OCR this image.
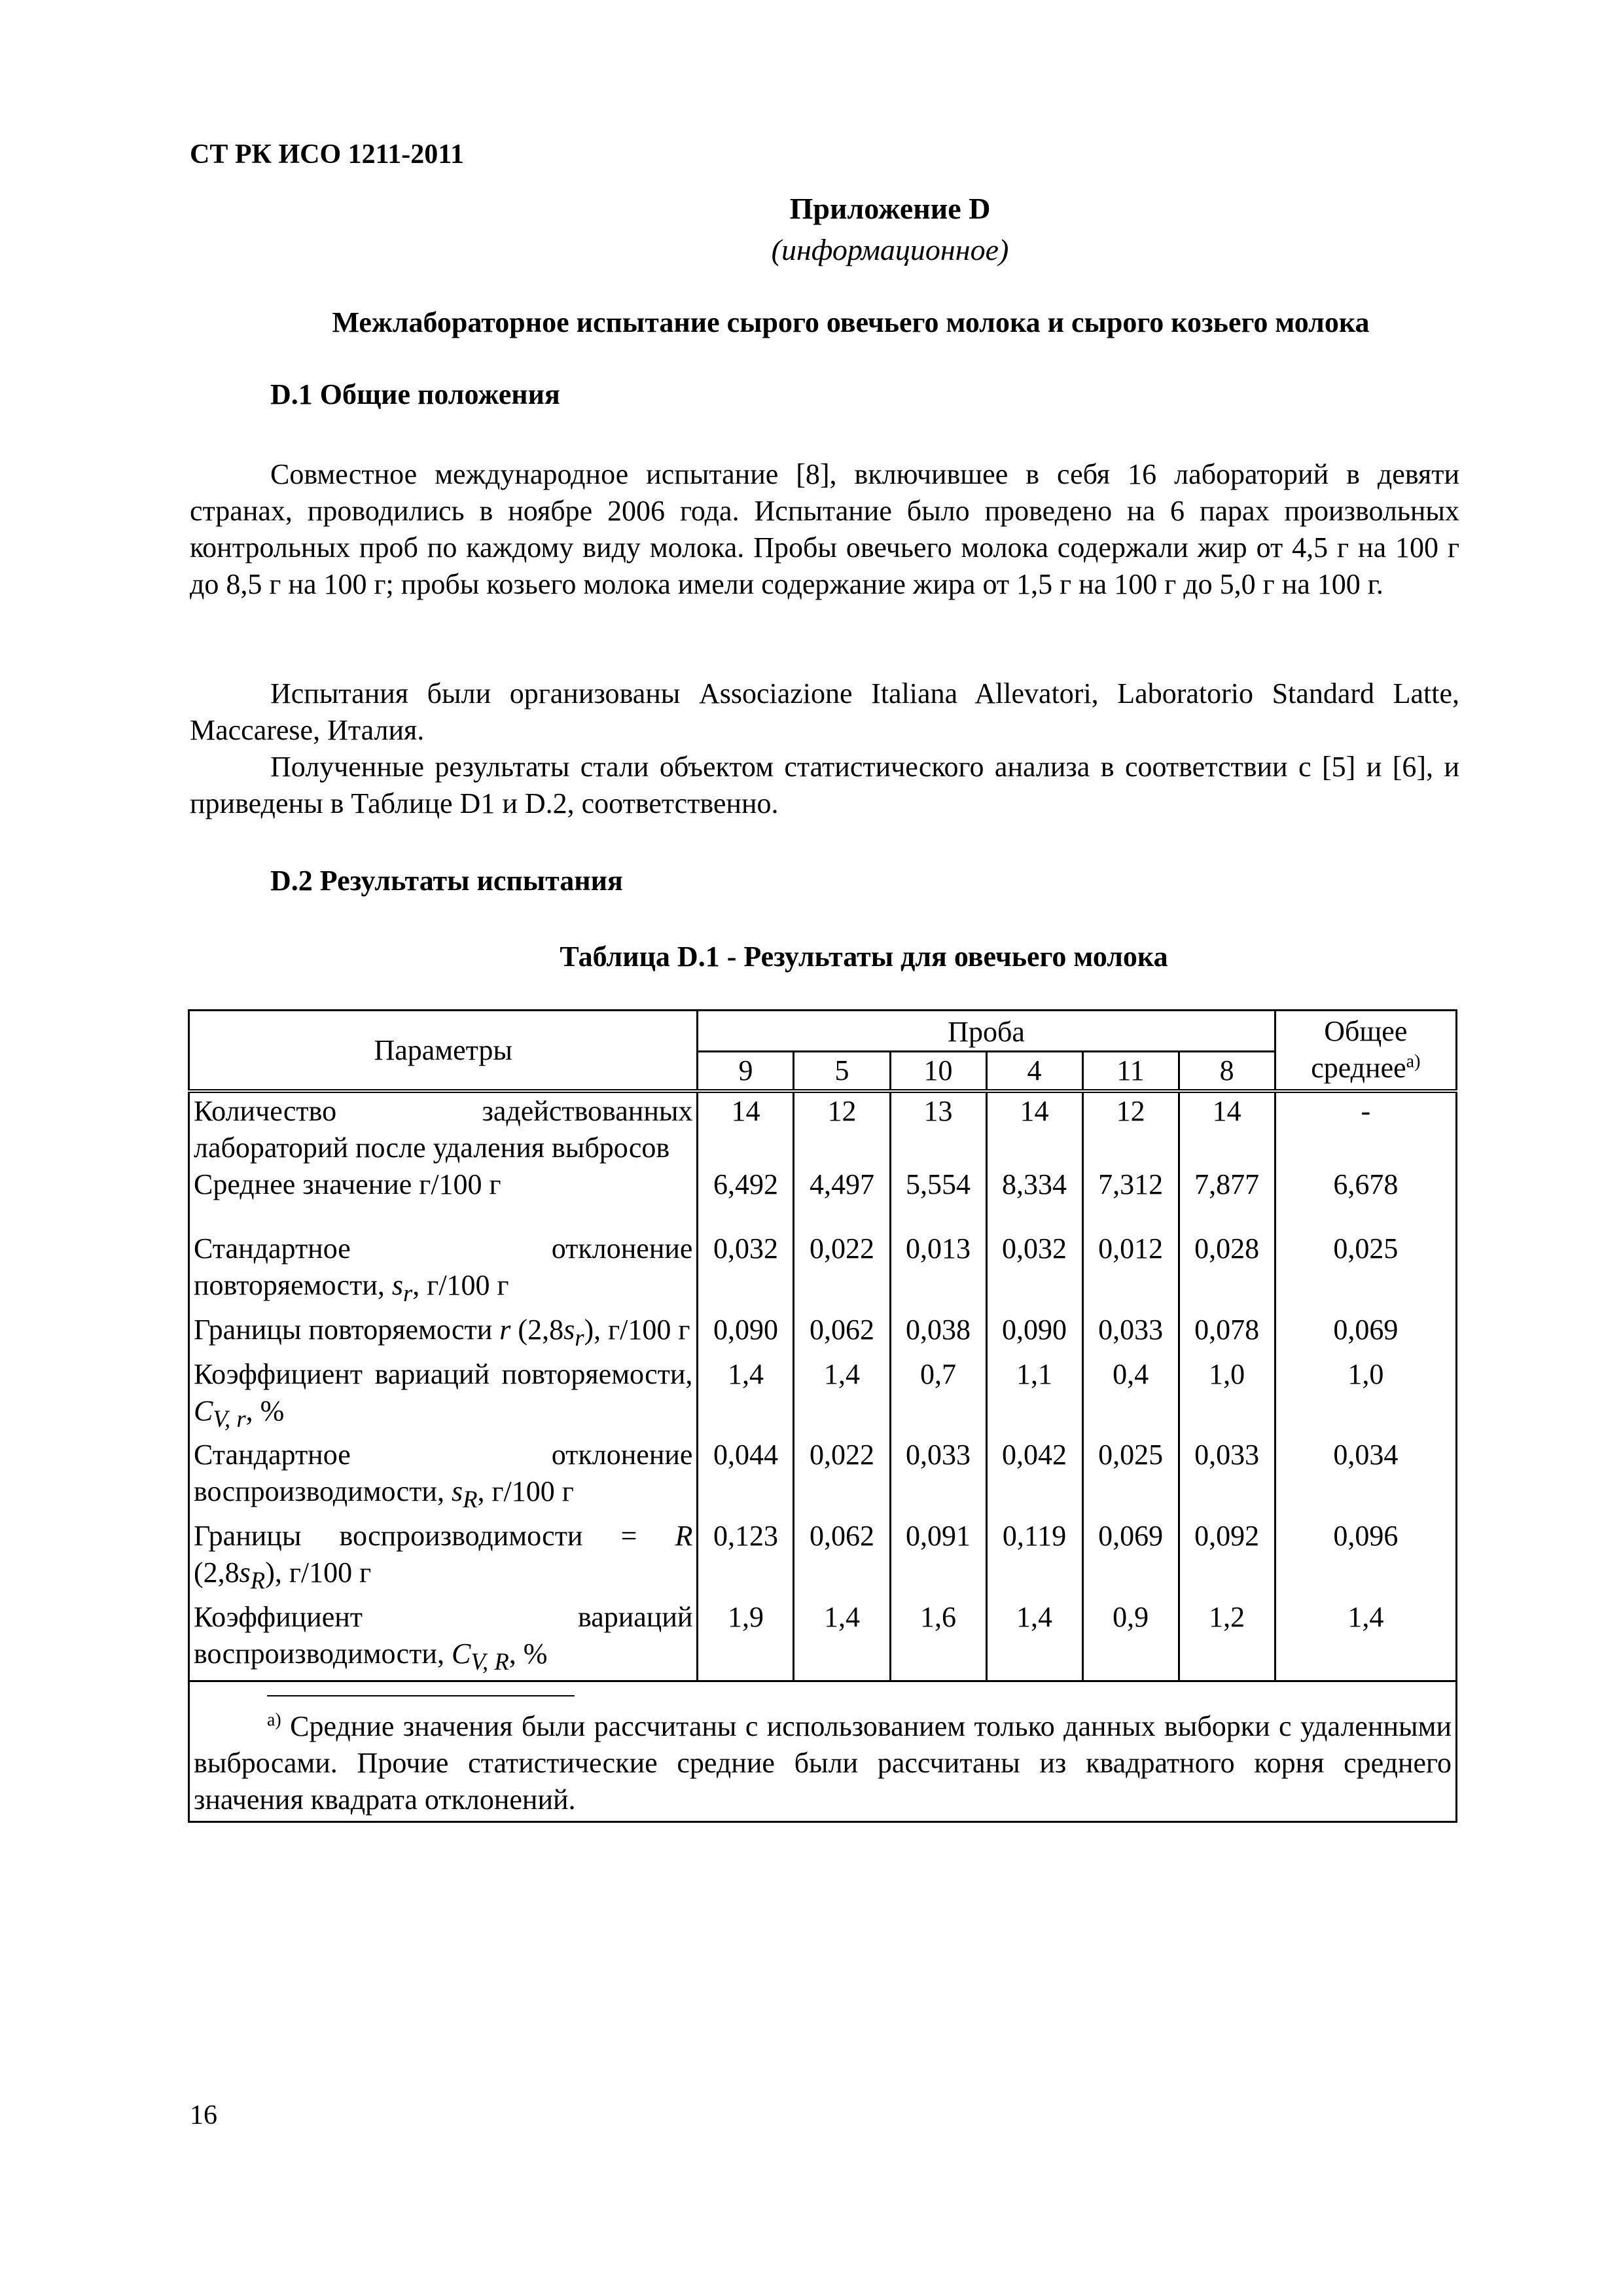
СТ РК ИСО 1211-2011
Приложение D
(информационное)
Межлабораторное испытание сырого овечьего молока и сырого козьего молока
D.1 Общие положения

Совместное международное испытание [8], включившее в себя 16 лабораторий в девяти странах, проводились в ноябре 2006 года. Испытание было проведено на 6 парах произвольных контрольных проб по каждому виду молока. Пробы овечьего молока содержали жир от 4,5 г на 100 г до 8,5 г на 100 г; пробы козьего молока имели содержание жира от 1,5 г на 100 г до 5,0 г на 100 г.

Испытания были организованы Associazione Italiana Allevatori, Laboratorio Standard Latte, Maccarese, Италия.

Полученные результаты стали объектом статистического анализа в соответствии с [5] и [6], и приведены в Таблице D1 и D.2, соответственно.

D.2 Результаты испытания
Таблица D.1 - Результаты для овечьего молока
Параметры	Проба						Общее среднее$^{a)}$
	9	5	10	4	11	8	
Количество задействованных лабораторий после удаления выбросов	14	12	13	14	12	14	-
Среднее значение г/100 г	6,492	4,497	5,554	8,334	7,312	7,877	6,678
Стандартное отклонение повторяемости, $s_r$, г/100 г	0,032	0,022	0,013	0,032	0,012	0,028	0,025
Границы повторяемости r $(2,8s_r)$, г/100 г	0,090	0,062	0,038	0,090	0,033	0,078	0,069
Коэффициент вариаций повторяемости, $C_{V, r}$, %	1,4	1,4	0,7	1,1	0,4	1,0	1,0
Стандартное отклонение воспроизводимости, $s_R$, г/100 г	0,044	0,022	0,033	0,042	0,025	0,033	0,034
Границы воспроизводимости = R $(2,8s_R)$, г/100 г	0,123	0,062	0,091	0,119	0,069	0,092	0,096
Коэффициент вариаций воспроизводимости, $C_{V, R}$, %	1,9	1,4	1,6	1,4	0,9	1,2	1,4

$^{a)}$ Средние значения были рассчитаны с использованием только данных выборки с удаленными выбросами. Прочие статистические средние были рассчитаны из квадратного корня среднего значения квадрата отклонений.							

16
